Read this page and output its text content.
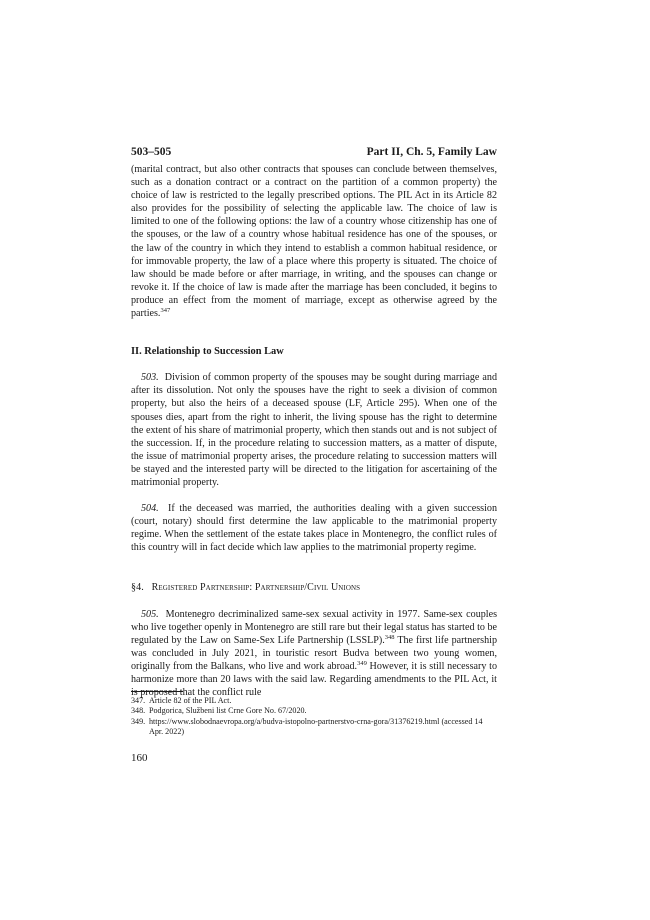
503–505	Part II, Ch. 5, Family Law

(marital contract, but also other contracts that spouses can conclude between themselves, such as a donation contract or a contract on the partition of a common property) the choice of law is restricted to the legally prescribed options. The PIL Act in its Article 82 also provides for the possibility of selecting the applicable law. The choice of law is limited to one of the following options: the law of a country whose citizenship has one of the spouses, or the law of a country whose habitual residence has one of the spouses, or the law of the country in which they intend to establish a common habitual residence, or for immovable property, the law of a place where this property is situated. The choice of law should be made before or after marriage, in writing, and the spouses can change or revoke it. If the choice of law is made after the marriage has been concluded, it begins to produce an effect from the moment of marriage, except as otherwise agreed by the parties.$^{347}$

II. Relationship to Succession Law

503. Division of common property of the spouses may be sought during marriage and after its dissolution. Not only the spouses have the right to seek a division of common property, but also the heirs of a deceased spouse (LF, Article 295). When one of the spouses dies, apart from the right to inherit, the living spouse has the right to determine the extent of his share of matrimonial property, which then stands out and is not subject of the succession. If, in the procedure relating to succession matters, as a matter of dispute, the issue of matrimonial property arises, the procedure relating to succession matters will be stayed and the interested party will be directed to the litigation for ascertaining of the matrimonial property.

504. If the deceased was married, the authorities dealing with a given succession (court, notary) should first determine the law applicable to the matrimonial property regime. When the settlement of the estate takes place in Montenegro, the conflict rules of this country will in fact decide which law applies to the matrimonial property regime.

§4. Registered Partnership: Partnership/Civil Unions

505. Montenegro decriminalized same-sex sexual activity in 1977. Same-sex couples who live together openly in Montenegro are still rare but their legal status has started to be regulated by the Law on Same-Sex Life Partnership (LSSLP).$^{348}$ The first life partnership was concluded in July 2021, in touristic resort Budva between two young women, originally from the Balkans, who live and work abroad.$^{349}$ However, it is still necessary to harmonize more than 20 laws with the said law. Regarding amendments to the PIL Act, it is proposed that the conflict rule

347. Article 82 of the PIL Act.
348. Podgorica, Službeni list Crne Gore No. 67/2020.
349. https://www.slobodnaevropa.org/a/budva-istopolno-partnerstvo-crna-gora/31376219.html (accessed 14 Apr. 2022)
160
